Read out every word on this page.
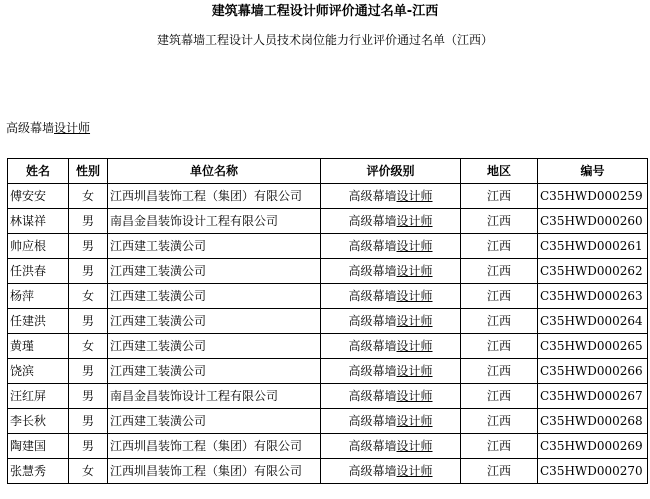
建筑幕墙工程设计师评价通过名单-江西
建筑幕墙工程设计人员技术岗位能力行业评价通过名单（江西）
高级幕墙设计师
姓名	性别	单位名称	评价级别	地区	编号
傅安安	女	江西圳昌装饰工程（集团）有限公司	高级幕墙设计师	江西	C35HWD000259
林谋祥	男	南昌金昌装饰设计工程有限公司	高级幕墙设计师	江西	C35HWD000260
帅应根	男	江西建工装潢公司	高级幕墙设计师	江西	C35HWD000261
任洪春	男	江西建工装潢公司	高级幕墙设计师	江西	C35HWD000262
杨萍	女	江西建工装潢公司	高级幕墙设计师	江西	C35HWD000263
任建洪	男	江西建工装潢公司	高级幕墙设计师	江西	C35HWD000264
黄瑾	女	江西建工装潢公司	高级幕墙设计师	江西	C35HWD000265
饶滨	男	江西建工装潢公司	高级幕墙设计师	江西	C35HWD000266
汪红屏	男	南昌金昌装饰设计工程有限公司	高级幕墙设计师	江西	C35HWD000267
李长秋	男	江西建工装潢公司	高级幕墙设计师	江西	C35HWD000268
陶建国	男	江西圳昌装饰工程（集团）有限公司	高级幕墙设计师	江西	C35HWD000269
张慧秀	女	江西圳昌装饰工程（集团）有限公司	高级幕墙设计师	江西	C35HWD000270
